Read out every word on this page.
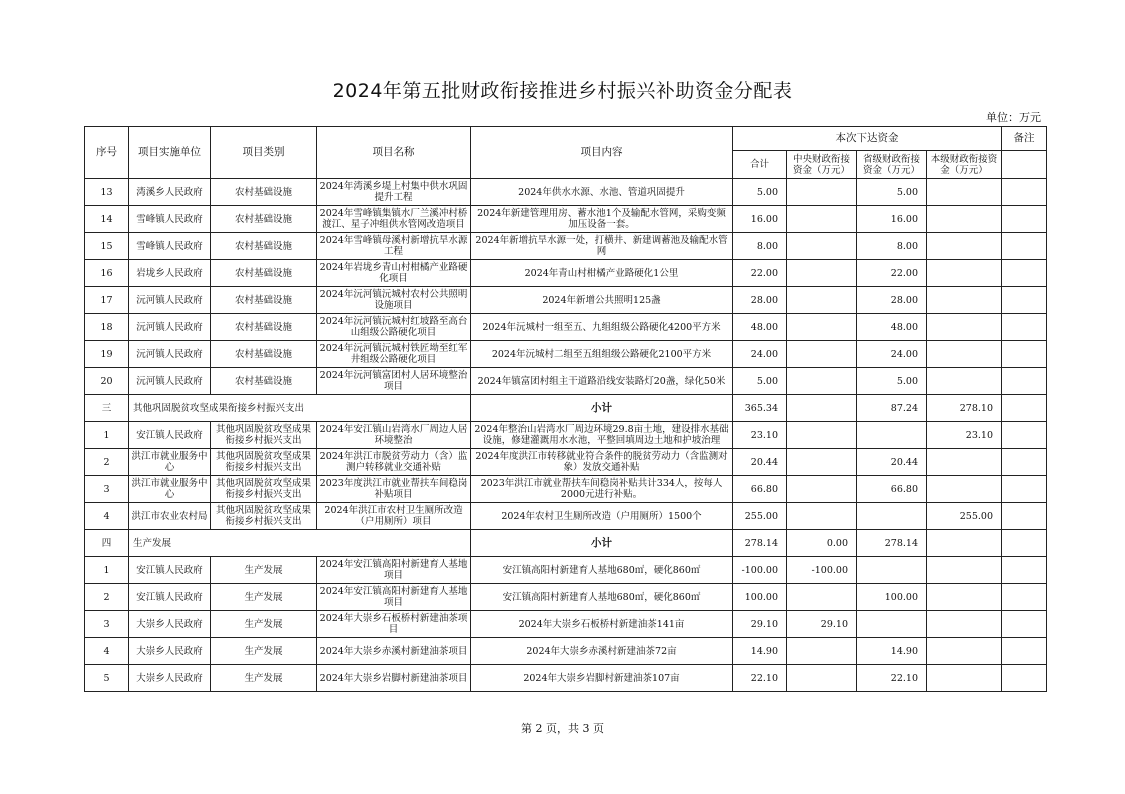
2024年第五批财政衔接推进乡村振兴补助资金分配表
单位：万元
序号	项目实施单位	项目类别	项目名称	项目内容	本次下达资金				备注
					合计	中央财政衔接资金（万元）	省级财政衔接资金（万元）	本级财政衔接资金（万元）	
13	湾溪乡人民政府	农村基础设施	2024年湾溪乡堤上村集中供水巩固提升工程	2024年供水水源、水池、管道巩固提升	5.00		5.00		
14	雪峰镇人民政府	农村基础设施	2024年雪峰镇集镇水厂兰溪冲村桥渡江、星子冲组供水管网改造项目	2024年新建管理用房、蓄水池1个及输配水管网，采购变频加压设备一套。	16.00		16.00		
15	雪峰镇人民政府	农村基础设施	2024年雪峰镇母溪村新增抗旱水源工程	2024年新增抗旱水源一处，打横井、新建调蓄池及输配水管网	8.00		8.00		
16	岩垅乡人民政府	农村基础设施	2024年岩垅乡青山村柑橘产业路硬化项目	2024年青山村柑橘产业路硬化1公里	22.00		22.00		
17	沅河镇人民政府	农村基础设施	2024年沅河镇沅城村农村公共照明设施项目	2024年新增公共照明125盏	28.00		28.00		
18	沅河镇人民政府	农村基础设施	2024年沅河镇沅城村红坡路至高台山组级公路硬化项目	2024年沅城村一组至五、九组组级公路硬化4200平方米	48.00		48.00		
19	沅河镇人民政府	农村基础设施	2024年沅河镇沅城村铁匠坳至红军井组级公路硬化项目	2024年沅城村二组至五组组级公路硬化2100平方米	24.00		24.00		
20	沅河镇人民政府	农村基础设施	2024年沅河镇富团村人居环境整治项目	2024年镇富团村组主干道路沿线安装路灯20盏，绿化50米	5.00		5.00		
三	其他巩固脱贫攻坚成果衔接乡村振兴支出			小计	365.34		87.24	278.10	
1	安江镇人民政府	其他巩固脱贫攻坚成果衔接乡村振兴支出	2024年安江镇山岩湾水厂周边人居环境整治	2024年整治山岩湾水厂周边环境29.8亩土地，建设排水基础设施，修建灌溉用水水池，平整回填周边土地和护坡治理	23.10			23.10	
2	洪江市就业服务中心	其他巩固脱贫攻坚成果衔接乡村振兴支出	2024年洪江市脱贫劳动力（含）监测户转移就业交通补贴	2024年度洪江市转移就业符合条件的脱贫劳动力（含监测对象）发放交通补贴	20.44		20.44		
3	洪江市就业服务中心	其他巩固脱贫攻坚成果衔接乡村振兴支出	2023年度洪江市就业帮扶车间稳岗补贴项目	2023年洪江市就业帮扶车间稳岗补贴共计334人，按每人2000元进行补贴。	66.80		66.80		
4	洪江市农业农村局	其他巩固脱贫攻坚成果衔接乡村振兴支出	2024年洪江市农村卫生厕所改造（户用厕所）项目	2024年农村卫生厕所改造（户用厕所）1500个	255.00			255.00	
四	生产发展			小计	278.14	0.00	278.14		
1	安江镇人民政府	生产发展	2024年安江镇高阳村新建育人基地项目	安江镇高阳村新建育人基地680㎡，硬化860㎡	-100.00	-100.00			
2	安江镇人民政府	生产发展	2024年安江镇高阳村新建育人基地项目	安江镇高阳村新建育人基地680㎡，硬化860㎡	100.00		100.00		
3	大崇乡人民政府	生产发展	2024年大崇乡石板桥村新建油茶项目	2024年大崇乡石板桥村新建油茶141亩	29.10	29.10			
4	大崇乡人民政府	生产发展	2024年大崇乡赤溪村新建油茶项目	2024年大崇乡赤溪村新建油茶72亩	14.90		14.90		
5	大崇乡人民政府	生产发展	2024年大崇乡岩脚村新建油茶项目	2024年大崇乡岩脚村新建油茶107亩	22.10		22.10		
第 2 页，共 3 页
